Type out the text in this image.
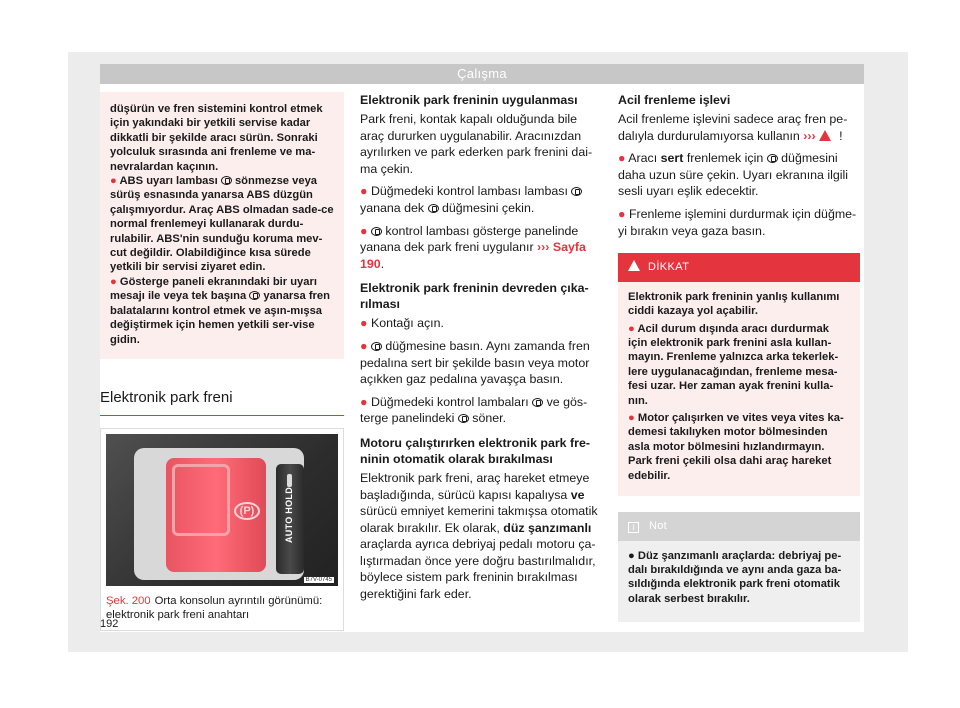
Çalışma

düşürün ve fren sistemini kontrol etmek için yakındaki bir yetkili servise kadar dikkatli bir şekilde aracı sürün. Sonraki yolculuk sırasında ani frenleme ve ma-nevralardan kaçının.

● ABS uyarı lambası sönmezse veya sürüş esnasında yanarsa ABS düzgün çalışmıyordur. Araç ABS olmadan sade-ce normal frenlemeyi kullanarak durdu-rulabilir. ABS'nin sunduğu koruma mev-cut değildir. Olabildiğince kısa sürede yetkili bir servisi ziyaret edin.

● Gösterge paneli ekranındaki bir uyarı mesajı ile veya tek başına yanarsa fren balatalarını kontrol etmek ve aşın-mışsa değiştirmek için hemen yetkili ser-vise gidin.

Elektronik park freni
(P)	AUTO HOLD
B7V-0745
Şek. 200 Orta konsolun ayrıntılı görünümü: elektronik park freni anahtarı
Elektronik park freninin uygulanması

Park freni, kontak kapalı olduğunda bile araç dururken uygulanabilir. Aracınızdan ayrılırken ve park ederken park frenini dai-ma çekin.

● Düğmedeki kontrol lambası lambası  yanana dek düğmesini çekin.

● kontrol lambası gösterge panelinde yanana dek park freni uygulanır ››› Sayfa 190.

Elektronik park freninin devreden çıka-rılması

● Kontağı açın.

● düğmesine basın. Aynı zamanda fren pedalına sert bir şekilde basın veya motor açıkken gaz pedalına yavaşça basın.

● Düğmedeki kontrol lambaları ve gös-terge panelindeki söner.

Motoru çalıştırırken elektronik park fre-ninin otomatik olarak bırakılması

Elektronik park freni, araç hareket etmeye başladığında, sürücü kapısı kapalıysa ve sürücü emniyet kemerini takmışsa otomatik olarak bırakılır. Ek olarak, düz şanzımanlı araçlarda ayrıca debriyaj pedalı motoru ça-lıştırmadan önce yere doğru bastırılmalıdır, böylece sistem park freninin bırakılması gerektiğini fark eder.

Acil frenleme işlevi

Acil frenleme işlevini sadece araç fren pe-dalıyla durdurulamıyorsa kullanın ››› !

● Aracı sert frenlemek için düğmesini daha uzun süre çekin. Uyarı ekranına ilgili sesli uyarı eşlik edecektir.

● Frenleme işlemini durdurmak için düğme-yi bırakın veya gaza basın.

DİKKAT

Elektronik park freninin yanlış kullanımı ciddi kazaya yol açabilir.

● Acil durum dışında aracı durdurmak için elektronik park frenini asla kullan-mayın. Frenleme yalnızca arka tekerlek-lere uygulanacağından, frenleme mesa-fesi uzar. Her zaman ayak frenini kulla-nın.

● Motor çalışırken ve vites veya vites ka-demesi takılıyken motor bölmesinden asla motor bölmesini hızlandırmayın. Park freni çekili olsa dahi araç hareket edebilir.

i Not

● Düz şanzımanlı araçlarda: debriyaj pe-dalı bırakıldığında ve aynı anda gaza ba-sıldığında elektronik park freni otomatik olarak serbest bırakılır.

192
